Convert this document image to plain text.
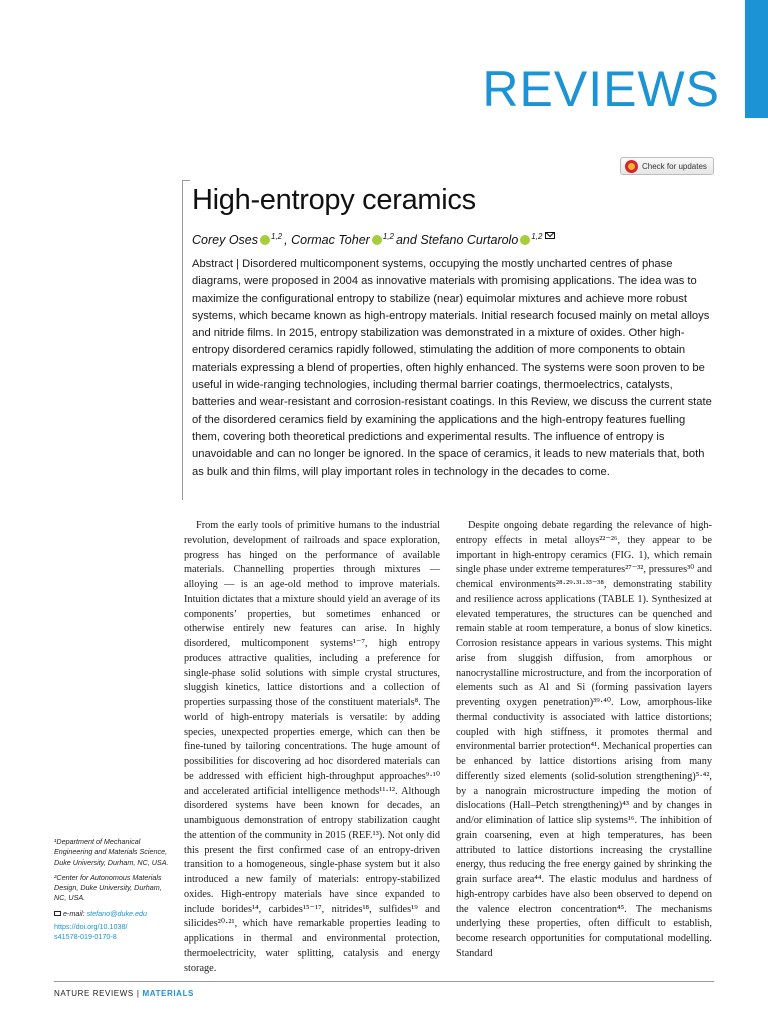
REVIEWS
Check for updates
High-entropy ceramics
Corey Oses 1,2 ,
Cormac Toher 1,2 and
Stefano Curtarolo 1,2
Abstract | Disordered multicomponent systems, occupying the mostly uncharted centres of phase diagrams, were proposed in 2004 as innovative materials with promising applications. The idea was to maximize the configurational entropy to stabilize (near) equimolar mixtures and achieve more robust systems, which became known as high-entropy materials. Initial research focused mainly on metal alloys and nitride films. In 2015, entropy stabilization was demonstrated in a mixture of oxides. Other high-entropy disordered ceramics rapidly followed, stimulating the addition of more components to obtain materials expressing a blend of properties, often highly enhanced. The systems were soon proven to be useful in wide-ranging technologies, including thermal barrier coatings, thermoelectrics, catalysts, batteries and wear-resistant and corrosion-resistant coatings. In this Review, we discuss the current state of the disordered ceramics field by examining the applications and the high-entropy features fuelling them, covering both theoretical predictions and experimental results. The influence of entropy is unavoidable and can no longer be ignored. In the space of ceramics, it leads to new materials that, both as bulk and thin films, will play important roles in technology in the decades to come.

¹Department of Mechanical Engineering and Materials Science, Duke University, Durham, NC, USA.

²Center for Autonomous Materials Design, Duke University, Durham, NC, USA.

e-mail: stefano@duke.edu

https://doi.org/10.1038/
s41578-019-0170-8

From the early tools of primitive humans to the industrial revolution, development of railroads and space exploration, progress has hinged on the performance of available materials. Channelling properties through mixtures — alloying — is an age-old method to improve materials. Intuition dictates that a mixture should yield an average of its components’ properties, but sometimes enhanced or otherwise entirely new features can arise. In highly disordered, multicomponent systems¹⁻⁷, high entropy produces attractive qualities, including a preference for single-phase solid solutions with simple crystal structures, sluggish kinetics, lattice distortions and a collection of properties surpassing those of the constituent materials⁸. The world of high-entropy materials is versatile: by adding species, unexpected properties emerge, which can then be fine-tuned by tailoring concentrations. The huge amount of possibilities for discovering ad hoc disordered materials can be addressed with efficient high-throughput approaches⁹·¹⁰ and accelerated artificial intelligence methods¹¹·¹². Although disordered systems have been known for decades, an unambiguous demonstration of entropy stabilization caught the attention of the community in 2015 (REF.¹³). Not only did this present the first confirmed case of an entropy-driven transition to a homogeneous, single-phase system but it also introduced a new family of materials: entropy-stabilized oxides. High-entropy materials have since expanded to include borides¹⁴, carbides¹⁵⁻¹⁷, nitrides¹⁸, sulfides¹⁹ and silicides²⁰·²¹, which have remarkable properties leading to applications in thermal and environmental protection, thermoelectricity, water splitting, catalysis and energy storage.

Despite ongoing debate regarding the relevance of high-entropy effects in metal alloys²²⁻²⁶, they appear to be important in high-entropy ceramics (FIG. 1), which remain single phase under extreme temperatures²⁷⁻³², pressures³⁰ and chemical environments²⁸·²⁹·³¹·³³⁻³⁸, demonstrating stability and resilience across applications (TABLE 1). Synthesized at elevated temperatures, the structures can be quenched and remain stable at room temperature, a bonus of slow kinetics. Corrosion resistance appears in various systems. This might arise from sluggish diffusion, from amorphous or nanocrystalline microstructure, and from the incorporation of elements such as Al and Si (forming passivation layers preventing oxygen penetration)³⁹·⁴⁰. Low, amorphous-like thermal conductivity is associated with lattice distortions; coupled with high stiffness, it promotes thermal and environmental barrier protection⁴¹. Mechanical properties can be enhanced by lattice distortions arising from many differently sized elements (solid-solution strengthening)⁵·⁴², by a nanograin microstructure impeding the motion of dislocations (Hall–Petch strengthening)⁴³ and by changes in and/or elimination of lattice slip systems¹⁶. The inhibition of grain coarsening, even at high temperatures, has been attributed to lattice distortions increasing the crystalline energy, thus reducing the free energy gained by shrinking the grain surface area⁴⁴. The elastic modulus and hardness of high-entropy carbides have also been observed to depend on the valence electron concentration⁴⁵. The mechanisms underlying these properties, often difficult to establish, become research opportunities for computational modelling. Standard

NATURE REVIEWS | MATERIALS
